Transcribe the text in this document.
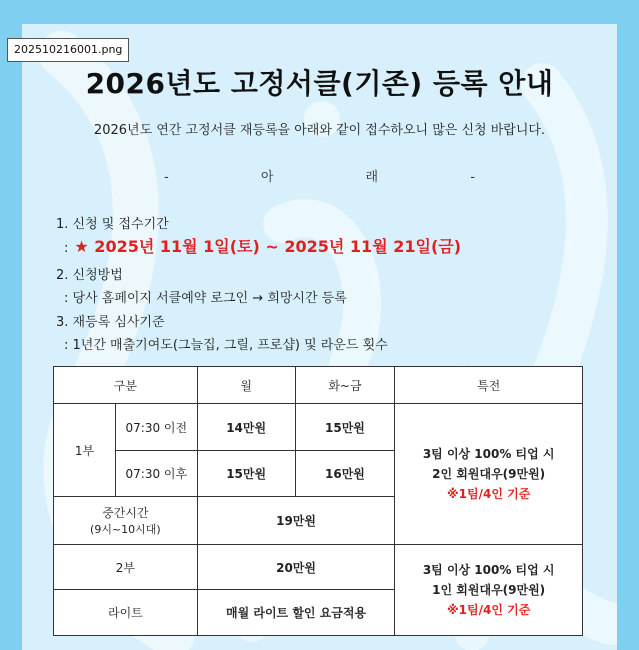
202510216001.png
2026년도 고정서클(기존) 등록 안내
2026년도 연간 고정서클 재등록을 아래와 같이 접수하오니 많은 신청 바랍니다.
- 아 래 -
1. 신청 및 접수기간
: ★ 2025년 11월 1일(토) ~ 2025년 11월 21일(금)
2. 신청방법
: 당사 홈페이지 서클예약 로그인 → 희망시간 등록
3. 재등록 심사기준
: 1년간 매출기여도(그늘집, 그릴, 프로샵) 및 라운드 횟수
구분		월	화~금	특전
1부	07:30 이전	14만원	15만원	3팀 이상 100% 티업 시
2인 회원대우(9만원)
※1팀/4인 기준

	07:30 이후	15만원	16만원	

중간시간
(9시~10시대)		19만원		
2부		20만원		3팀 이상 100% 티업 시
1인 회원대우(9만원)
※1팀/4인 기준

라이트		매월 라이트 할인 요금적용		
